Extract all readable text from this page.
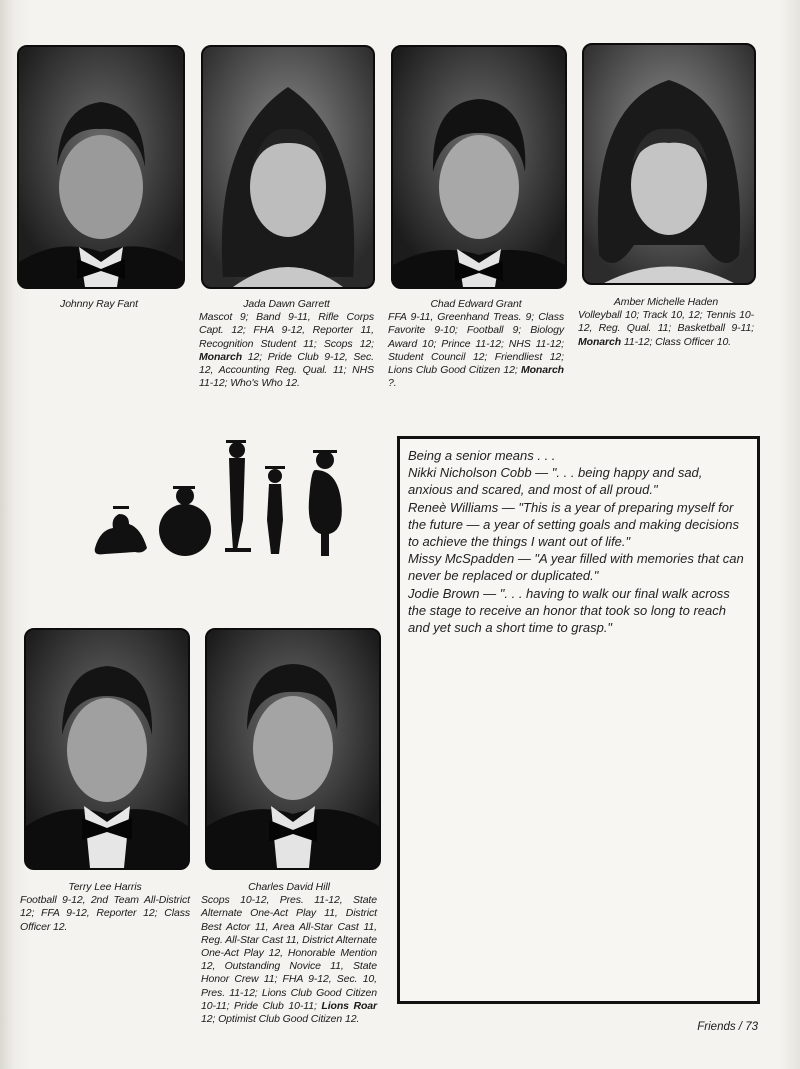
Johnny Ray Fant	Jada Dawn Garrett
Mascot 9; Band 9-11, Rifle Corps Capt. 12; FHA 9-12, Reporter 11, Recognition Student 11; Scops 12; Monarch 12; Pride Club 9-12, Sec. 12, Accounting Reg. Qual. 11; NHS 11-12; Who's Who 12.
Chad Edward Grant
FFA 9-11, Greenhand Treas. 9; Class Favorite 9-10; Football 9; Biology Award 10; Prince 11-12; NHS 11-12; Student Council 12; Friendliest 12; Lions Club Good Citizen 12; Monarch ?.
Amber Michelle Haden
Volleyball 10; Track 10, 12; Tennis 10-12, Reg. Qual. 11; Basketball 9-11; Monarch 11-12; Class Officer 10.
Terry Lee Harris
Football 9-12, 2nd Team All-District 12; FFA 9-12, Reporter 12; Class Officer 12.
Charles David Hill
Scops 10-12, Pres. 11-12, State Alternate One-Act Play 11, District Best Actor 11, Area All-Star Cast 11, Reg. All-Star Cast 11, District Alternate One-Act Play 12, Honorable Mention 12, Outstanding Novice 11, State Honor Crew 11; FHA 9-12, Sec. 10, Pres. 11-12; Lions Club Good Citizen 10-11; Pride Club 10-11; Lions Roar 12; Optimist Club Good Citizen 12.
Being a senior means . . .
Nikki Nicholson Cobb — ". . . being happy and sad, anxious and scared, and most of all proud."
Reneè Williams — "This is a year of preparing myself for the future — a year of setting goals and making decisions to achieve the things I want out of life."
Missy McSpadden — "A year filled with memories that can never be replaced or duplicated."
Jodie Brown — ". . . having to walk our final walk across the stage to receive an honor that took so long to reach and yet such a short time to grasp."
Friends / 73
